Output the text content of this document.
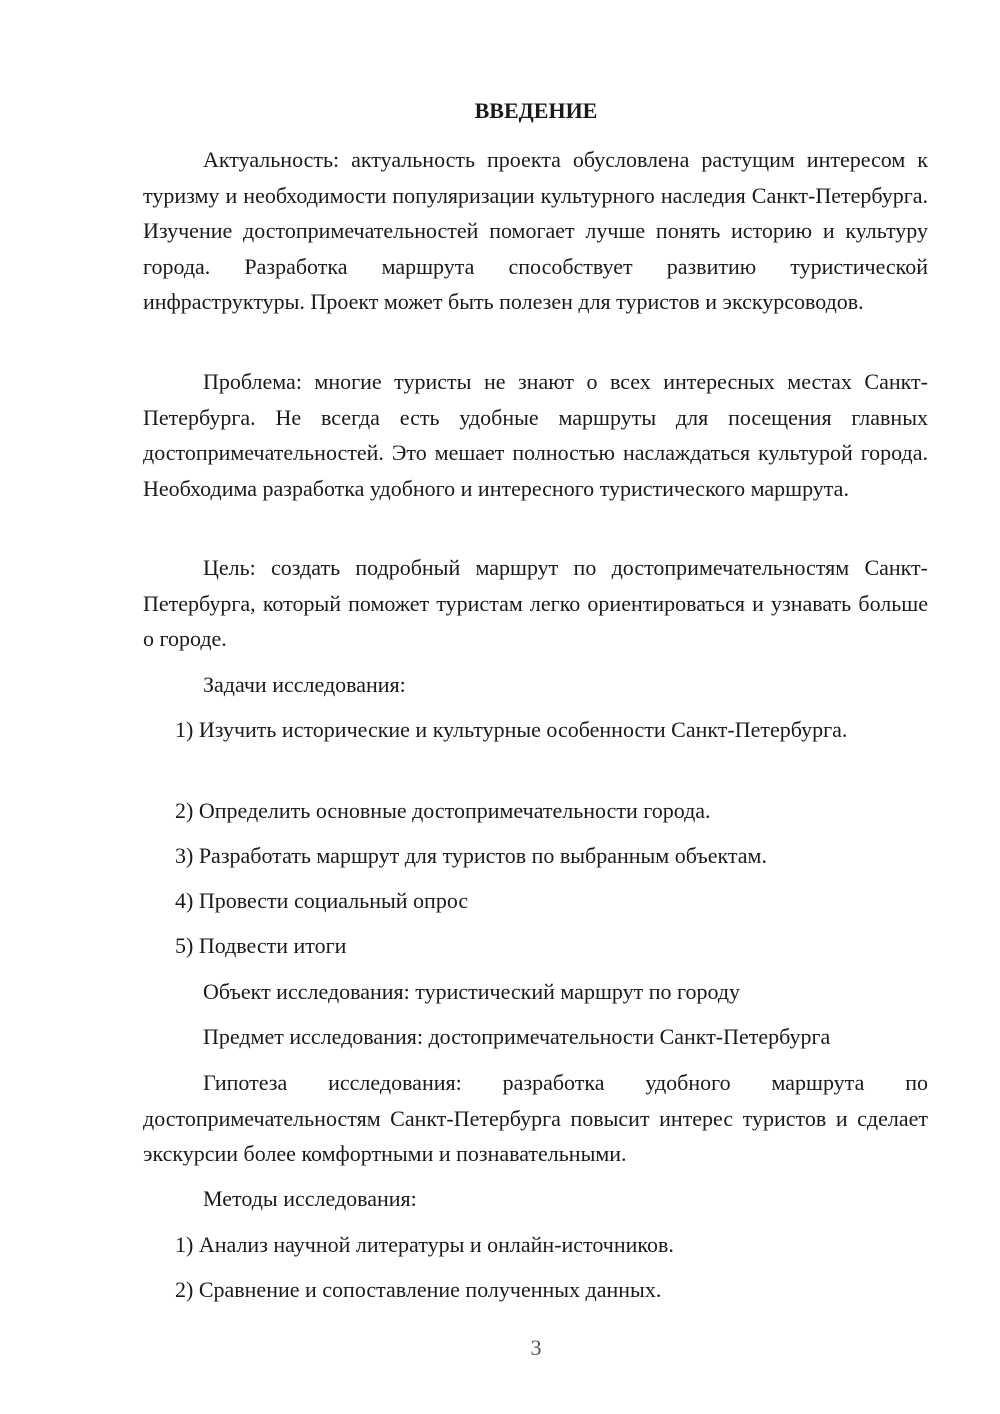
ВВЕДЕНИЕ

Актуальность: актуальность проекта обусловлена растущим интересом к туризму и необходимости популяризации культурного наследия Санкт-Петербурга. Изучение достопримечательностей помогает лучше понять историю и культуру города. Разработка маршрута способствует развитию туристической инфраструктуры. Проект может быть полезен для туристов и экскурсоводов.

Проблема: многие туристы не знают о всех интересных местах Санкт-Петербурга. Не всегда есть удобные маршруты для посещения главных достопримечательностей. Это мешает полностью наслаждаться культурой города. Необходима разработка удобного и интересного туристического маршрута.

Цель: создать подробный маршрут по достопримечательностям Санкт-Петербурга, который поможет туристам легко ориентироваться и узнавать больше о городе.

Задачи исследования:

1) Изучить исторические и культурные особенности Санкт-Петербурга.

2) Определить основные достопримечательности города.

3) Разработать маршрут для туристов по выбранным объектам.

4) Провести социальный опрос

5) Подвести итоги

Объект исследования: туристический маршрут по городу

Предмет исследования: достопримечательности Санкт-Петербурга

Гипотеза исследования: разработка удобного маршрута по достопримечательностям Санкт-Петербурга повысит интерес туристов и сделает экскурсии более комфортными и познавательными.

Методы исследования:

1) Анализ научной литературы и онлайн-источников.

2) Сравнение и сопоставление полученных данных.

3
